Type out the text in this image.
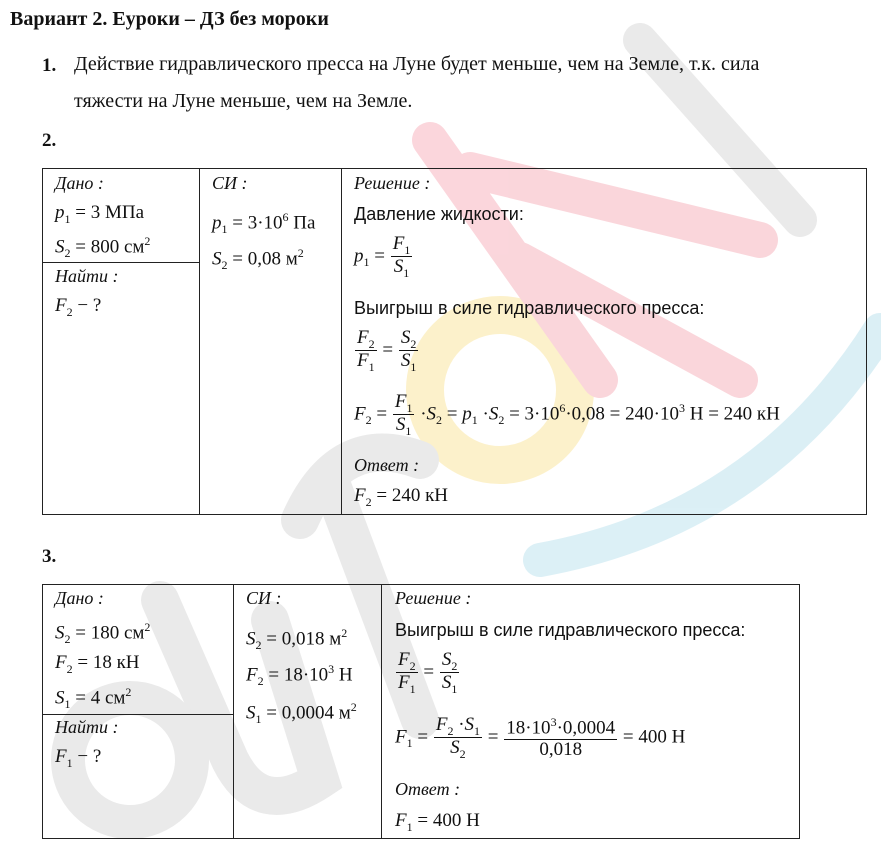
Вариант 2. Еуроки – ДЗ без мороки
1. Действие гидравлического пресса на Луне будет меньше, чем на Земле, т.к. сила
тяжести на Луне меньше, чем на Земле.
2.
Дано :
$p_1 = 3$ МПа
$S_2 = 800$ $см^2$
Найти :
$F_2$ − ?
СИ :
$p_1 = 3\cdot 10^6$ Па
$S_2 = 0,08$ $м^2$
Решение :
Давление жидкости:
$p_1 = \frac{F_1}{S_1}$
Выигрыш в силе гидравлического пресса:
$\frac{F_2}{F_1} = \frac{S_2}{S_1}$
$F_2 = \frac{F_1}{S_1} \cdot S_2 = p_1 \cdot S_2 = 3\cdot 10^6\cdot 0,08 = 240\cdot 10^3$ Н = 240 кН
Ответ :
$F_2 = 240$ кН
3.
Дано :
$S_2 = 180$ $см^2$
$F_2 = 18$ кН
$S_1 = 4$ $см^2$
Найти :
$F_1$ − ?
СИ :
$S_2 = 0,018$ $м^2$
$F_2 = 18\cdot 10^3$ Н
$S_1 = 0,0004$ $м^2$
Решение :
Выигрыш в силе гидравлического пресса:
$\frac{F_2}{F_1} = \frac{S_2}{S_1}$
$F_1 = \frac{F_2 \cdot S_1}{S_2} = \frac{18\cdot 10^3\cdot 0,0004}{0,018} = 400$ Н
Ответ :
$F_1 = 400$ Н
